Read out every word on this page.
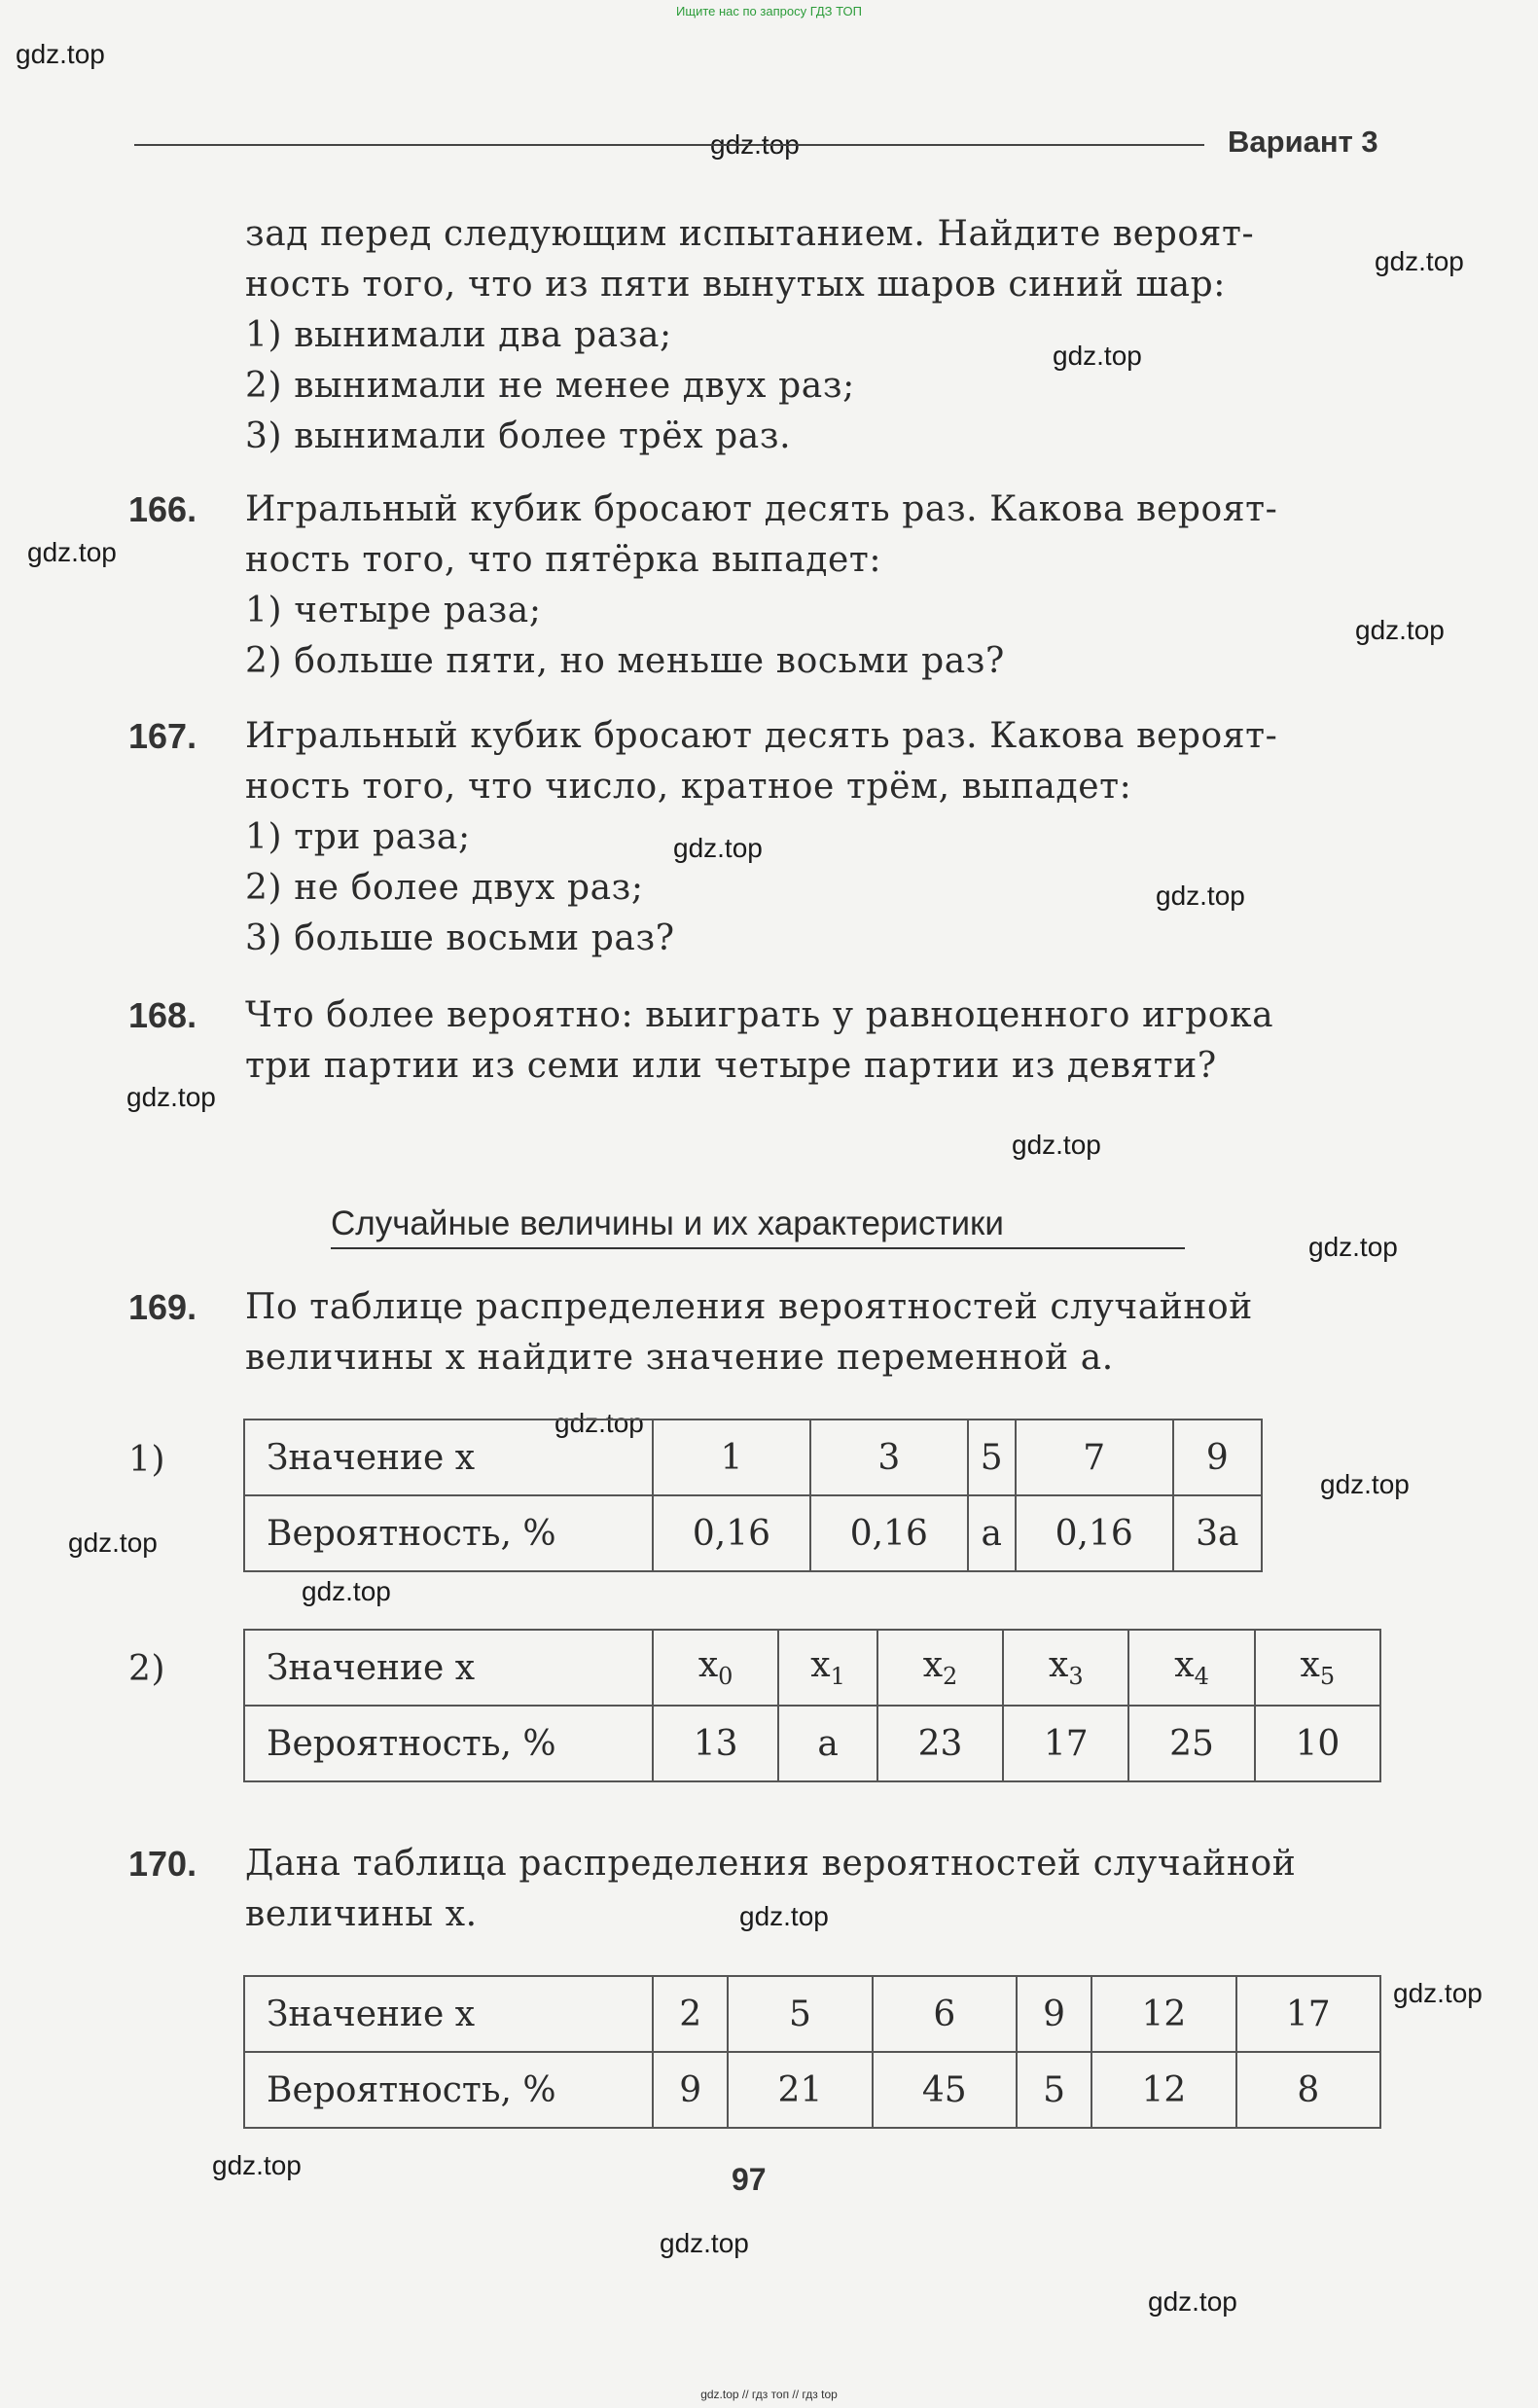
Ищите нас по запросу ГДЗ ТОП
gdz.top
gdz.top
gdz.top
gdz.top
gdz.top
gdz.top
gdz.top
gdz.top
gdz.top
gdz.top
gdz.top
gdz.top
gdz.top
gdz.top
gdz.top
gdz.top
gdz.top
gdz.top
gdz.top
gdz.top
Вариант 3
зад перед следующим испытанием. Найдите вероят-
ность того, что из пяти вынутых шаров синий шар:
1) вынимали два раза;
2) вынимали не менее двух раз;
3) вынимали более трёх раз.
166. Игральный кубик бросают десять раз. Какова вероят-
ность того, что пятёрка выпадет:
1) четыре раза;
2) больше пяти, но меньше восьми раз?
167. Игральный кубик бросают десять раз. Какова вероят-
ность того, что число, кратное трём, выпадет:
1) три раза;
2) не более двух раз;
3) больше восьми раз?
168. Что более вероятно: выиграть у равноценного игрока
три партии из семи или четыре партии из девяти?
Случайные величины и их характеристики
169. По таблице распределения вероятностей случайной
величины x найдите значение переменной a.
1)	Значение x	1	3	5	7	9
Вероятность, %	0,16	0,16	a	0,16	3a
2)	Значение x	$x_0$	$x_1$	$x_2$	$x_3$	$x_4$	$x_5$
Вероятность, %	13	a	23	17	25	10
170. Дана таблица распределения вероятностей случайной
величины x.
Значение x	2	5	6	9	12	17
Вероятность, %	9	21	45	5	12	8
97
gdz.top // гдз топ // гдз top
